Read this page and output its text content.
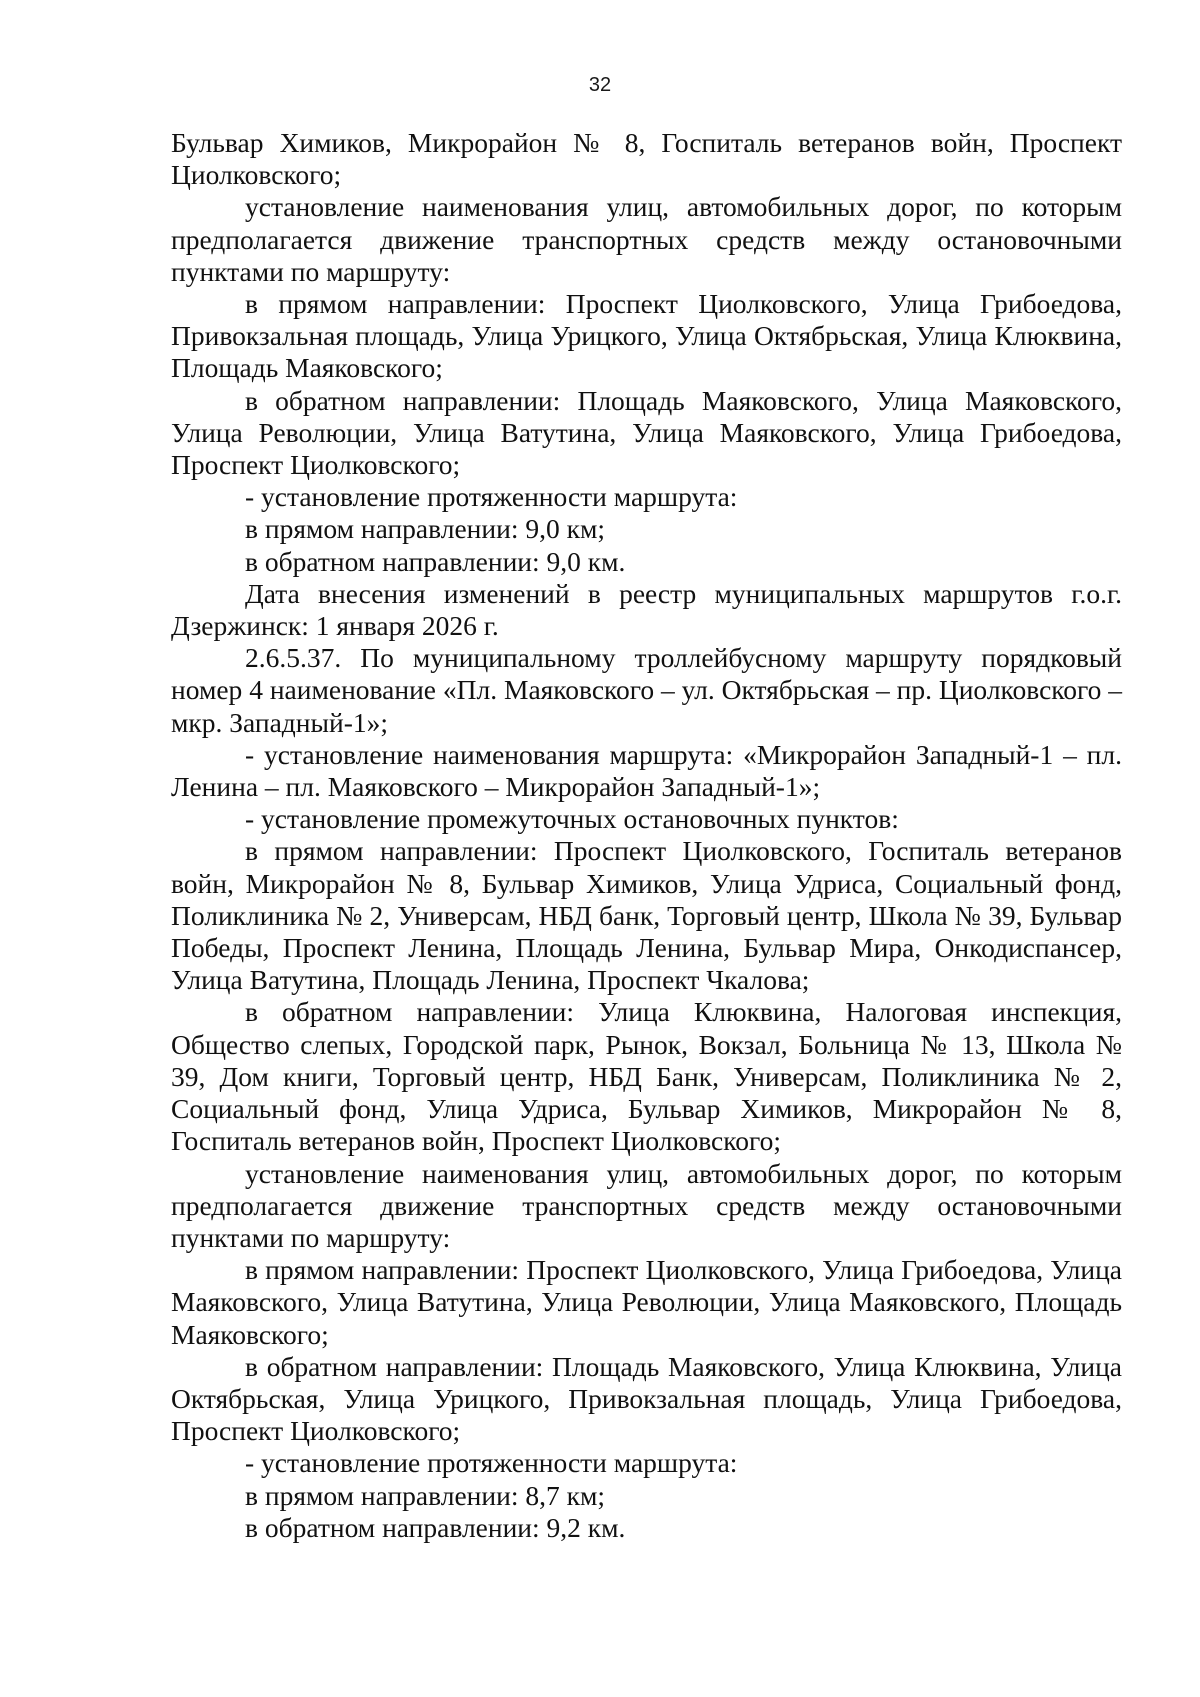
32

Бульвар Химиков, Микрорайон № 8, Госпиталь ветеранов войн, Проспект Циолковского;

установление наименования улиц, автомобильных дорог, по которым предполагается движение транспортных средств между остановочными пунктами по маршруту:

в прямом направлении: Проспект Циолковского, Улица Грибоедова, Привокзальная площадь, Улица Урицкого, Улица Октябрьская, Улица Клюквина, Площадь Маяковского;

в обратном направлении: Площадь Маяковского, Улица Маяковского, Улица Революции, Улица Ватутина, Улица Маяковского, Улица Грибоедова, Проспект Циолковского;

- установление протяженности маршрута:

в прямом направлении: 9,0 км;

в обратном направлении: 9,0 км.

Дата внесения изменений в реестр муниципальных маршрутов г.о.г. Дзержинск: 1 января 2026 г.

2.6.5.37. По муниципальному троллейбусному маршруту порядковый номер 4 наименование «Пл. Маяковского – ул. Октябрьская – пр. Циолковского – мкр. Западный-1»;

- установление наименования маршрута: «Микрорайон Западный-1 – пл. Ленина – пл. Маяковского – Микрорайон Западный-1»;

- установление промежуточных остановочных пунктов:

в прямом направлении: Проспект Циолковского, Госпиталь ветеранов войн, Микрорайон № 8, Бульвар Химиков, Улица Удриса, Социальный фонд, Поликлиника № 2, Универсам, НБД банк, Торговый центр, Школа № 39, Бульвар Победы, Проспект Ленина, Площадь Ленина, Бульвар Мира, Онкодиспансер, Улица Ватутина, Площадь Ленина, Проспект Чкалова;

в обратном направлении: Улица Клюквина, Налоговая инспекция, Общество слепых, Городской парк, Рынок, Вокзал, Больница № 13, Школа № 39, Дом книги, Торговый центр, НБД Банк, Универсам, Поликлиника № 2, Социальный фонд, Улица Удриса, Бульвар Химиков, Микрорайон № 8, Госпиталь ветеранов войн, Проспект Циолковского;

установление наименования улиц, автомобильных дорог, по которым предполагается движение транспортных средств между остановочными пунктами по маршруту:

в прямом направлении: Проспект Циолковского, Улица Грибоедова, Улица Маяковского, Улица Ватутина, Улица Революции, Улица Маяковского, Площадь Маяковского;

в обратном направлении: Площадь Маяковского, Улица Клюквина, Улица Октябрьская, Улица Урицкого, Привокзальная площадь, Улица Грибоедова, Проспект Циолковского;

- установление протяженности маршрута:

в прямом направлении: 8,7 км;

в обратном направлении: 9,2 км.
